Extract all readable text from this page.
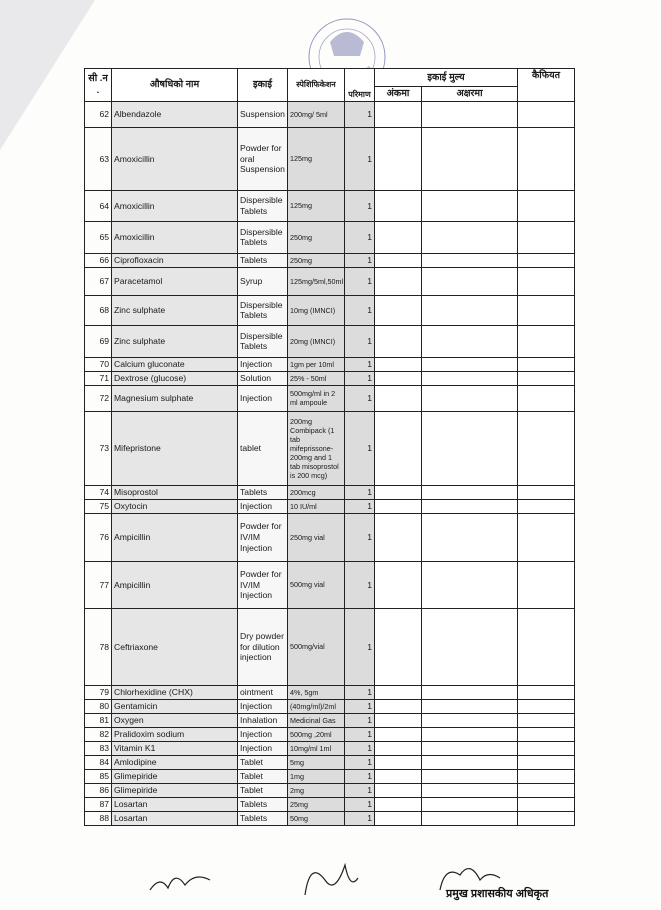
सी .न .	औषधिको नाम	इकाई	स्पेशिफिकेशन	परिमाण	इकाई मुल्य		कैफियत
					अंकमा	अक्षरमा	
62	Albendazole	Suspension	200mg/ 5ml	1			
63	Amoxicillin	Powder for oral Suspension	125mg	1			
64	Amoxicillin	Dispersible Tablets	125mg	1			
65	Amoxicillin	Dispersible Tablets	250mg	1			
66	Ciprofloxacin	Tablets	250mg	1			
67	Paracetamol	Syrup	125mg/5ml,50ml	1			
68	Zinc sulphate	Dispersible Tablets	10mg (IMNCI)	1			
69	Zinc sulphate	Dispersible Tablets	20mg (IMNCI)	1			
70	Calcium gluconate	Injection	1gm per 10ml	1			
71	Dextrose (glucose)	Solution	25% - 50ml	1			
72	Magnesium sulphate	Injection	500mg/ml in 2 ml ampoule	1			
73	Mifepristone	tablet	200mg Combipack (1 tab mifeprissone-200mg and 1 tab misoprostol is 200 mcg)	1			
74	Misoprostol	Tablets	200mcg	1			
75	Oxytocin	Injection	10 IU/ml	1			
76	Ampicillin	Powder for IV/IM Injection	250mg vial	1			
77	Ampicillin	Powder for IV/IM Injection	500mg vial	1			
78	Ceftriaxone	Dry powder for dilution injection	500mg/vial	1			
79	Chlorhexidine (CHX)	ointment	4%, 5gm	1			
80	Gentamicin	Injection	(40mg/ml)/2ml	1			
81	Oxygen	Inhalation	Medicinal Gas	1			
82	Pralidoxim sodium	Injection	500mg ,20ml	1			
83	Vitamin K1	Injection	10mg/ml 1ml	1			
84	Amlodipine	Tablet	5mg	1			
85	Glimepiride	Tablet	1mg	1			
86	Glimepiride	Tablet	2mg	1			
87	Losartan	Tablets	25mg	1			
88	Losartan	Tablets	50mg	1			
प्रमुख प्रशासकीय अधिकृत
